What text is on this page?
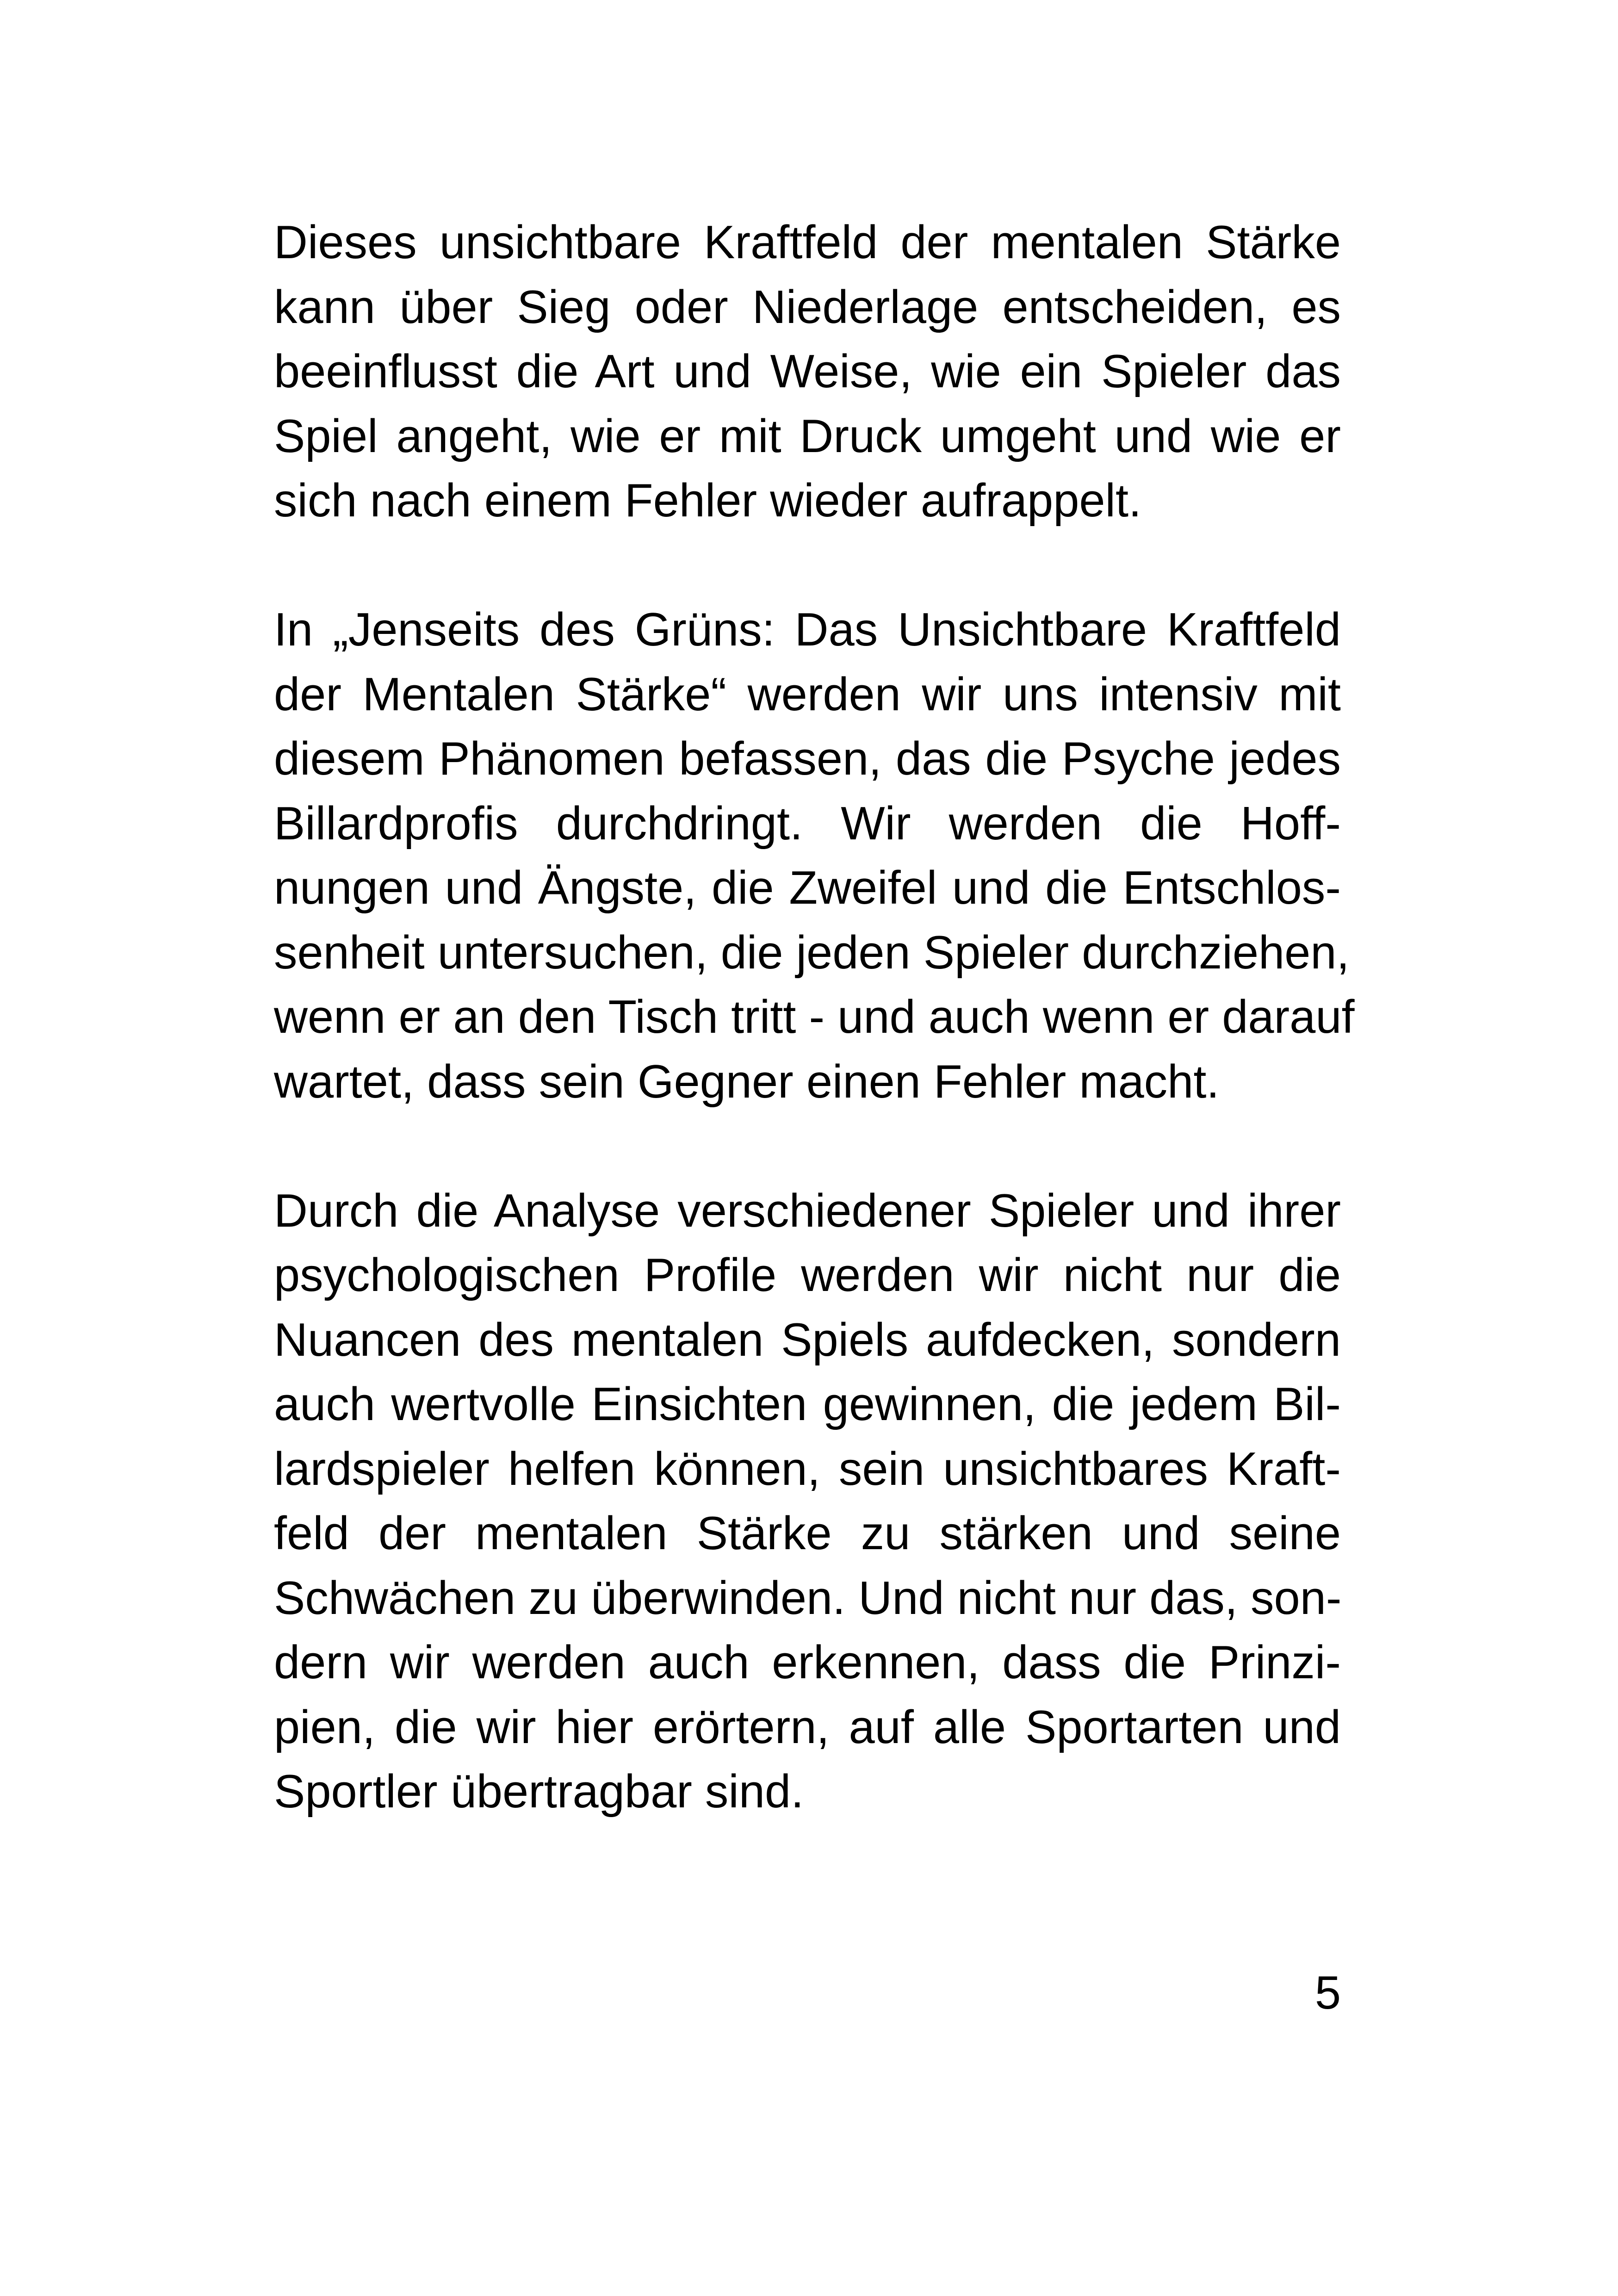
Dieses unsichtbare Kraftfeld der mentalen Stärke
kann über Sieg oder Niederlage entscheiden, es
beeinflusst die Art und Weise, wie ein Spieler das
Spiel angeht, wie er mit Druck umgeht und wie er
sich nach einem Fehler wieder aufrappelt.
In „Jenseits des Grüns: Das Unsichtbare Kraftfeld
der Mentalen Stärke“ werden wir uns intensiv mit
diesem Phänomen befassen, das die Psyche jedes
Billardprofis durchdringt. Wir werden die Hoff-
nungen und Ängste, die Zweifel und die Entschlos-
senheit untersuchen, die jeden Spieler durchziehen,
wenn er an den Tisch tritt - und auch wenn er darauf
wartet, dass sein Gegner einen Fehler macht.
Durch die Analyse verschiedener Spieler und ihrer
psychologischen Profile werden wir nicht nur die
Nuancen des mentalen Spiels aufdecken, sondern
auch wertvolle Einsichten gewinnen, die jedem Bil-
lardspieler helfen können, sein unsichtbares Kraft-
feld der mentalen Stärke zu stärken und seine
Schwächen zu überwinden. Und nicht nur das, son-
dern wir werden auch erkennen, dass die Prinzi-
pien, die wir hier erörtern, auf alle Sportarten und
Sportler übertragbar sind.
5
